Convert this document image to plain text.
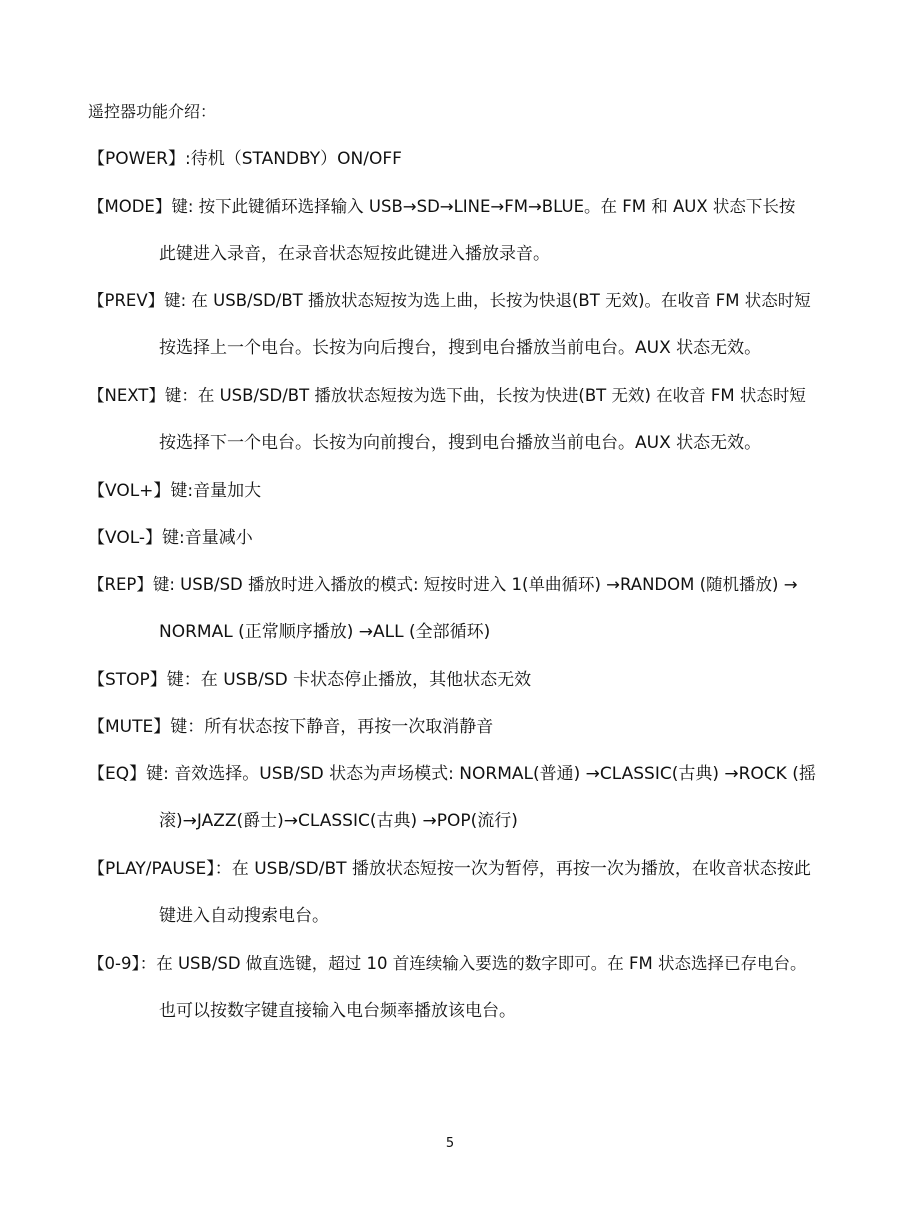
遥控器功能介绍：
【POWER】:待机（STANDBY）ON/OFF
【MODE】键: 按下此键循环选择输入 USB→SD→LINE→FM→BLUE。在 FM 和 AUX 状态下长按
此键进入录音，在录音状态短按此键进入播放录音。
【PREV】键: 在 USB/SD/BT 播放状态短按为选上曲，长按为快退(BT 无效)。在收音 FM 状态时短
按选择上一个电台。长按为向后搜台，搜到电台播放当前电台。AUX 状态无效。
【NEXT】键：在 USB/SD/BT 播放状态短按为选下曲，长按为快进(BT 无效) 在收音 FM 状态时短
按选择下一个电台。长按为向前搜台，搜到电台播放当前电台。AUX 状态无效。
【VOL+】键:音量加大
【VOL-】键:音量减小
【REP】键: USB/SD 播放时进入播放的模式: 短按时进入 1(单曲循环) →RANDOM (随机播放) →
NORMAL (正常顺序播放) →ALL (全部循环)
【STOP】键：在 USB/SD 卡状态停止播放，其他状态无效
【MUTE】键：所有状态按下静音，再按一次取消静音
【EQ】键: 音效选择。USB/SD 状态为声场模式: NORMAL(普通) →CLASSIC(古典) →ROCK (摇
滚)→JAZZ(爵士)→CLASSIC(古典) →POP(流行)
【PLAY/PAUSE】：在 USB/SD/BT 播放状态短按一次为暂停，再按一次为播放，在收音状态按此
键进入自动搜索电台。
【0-9】：在 USB/SD 做直选键，超过 10 首连续输入要选的数字即可。在 FM 状态选择已存电台。
也可以按数字键直接输入电台频率播放该电台。
5
